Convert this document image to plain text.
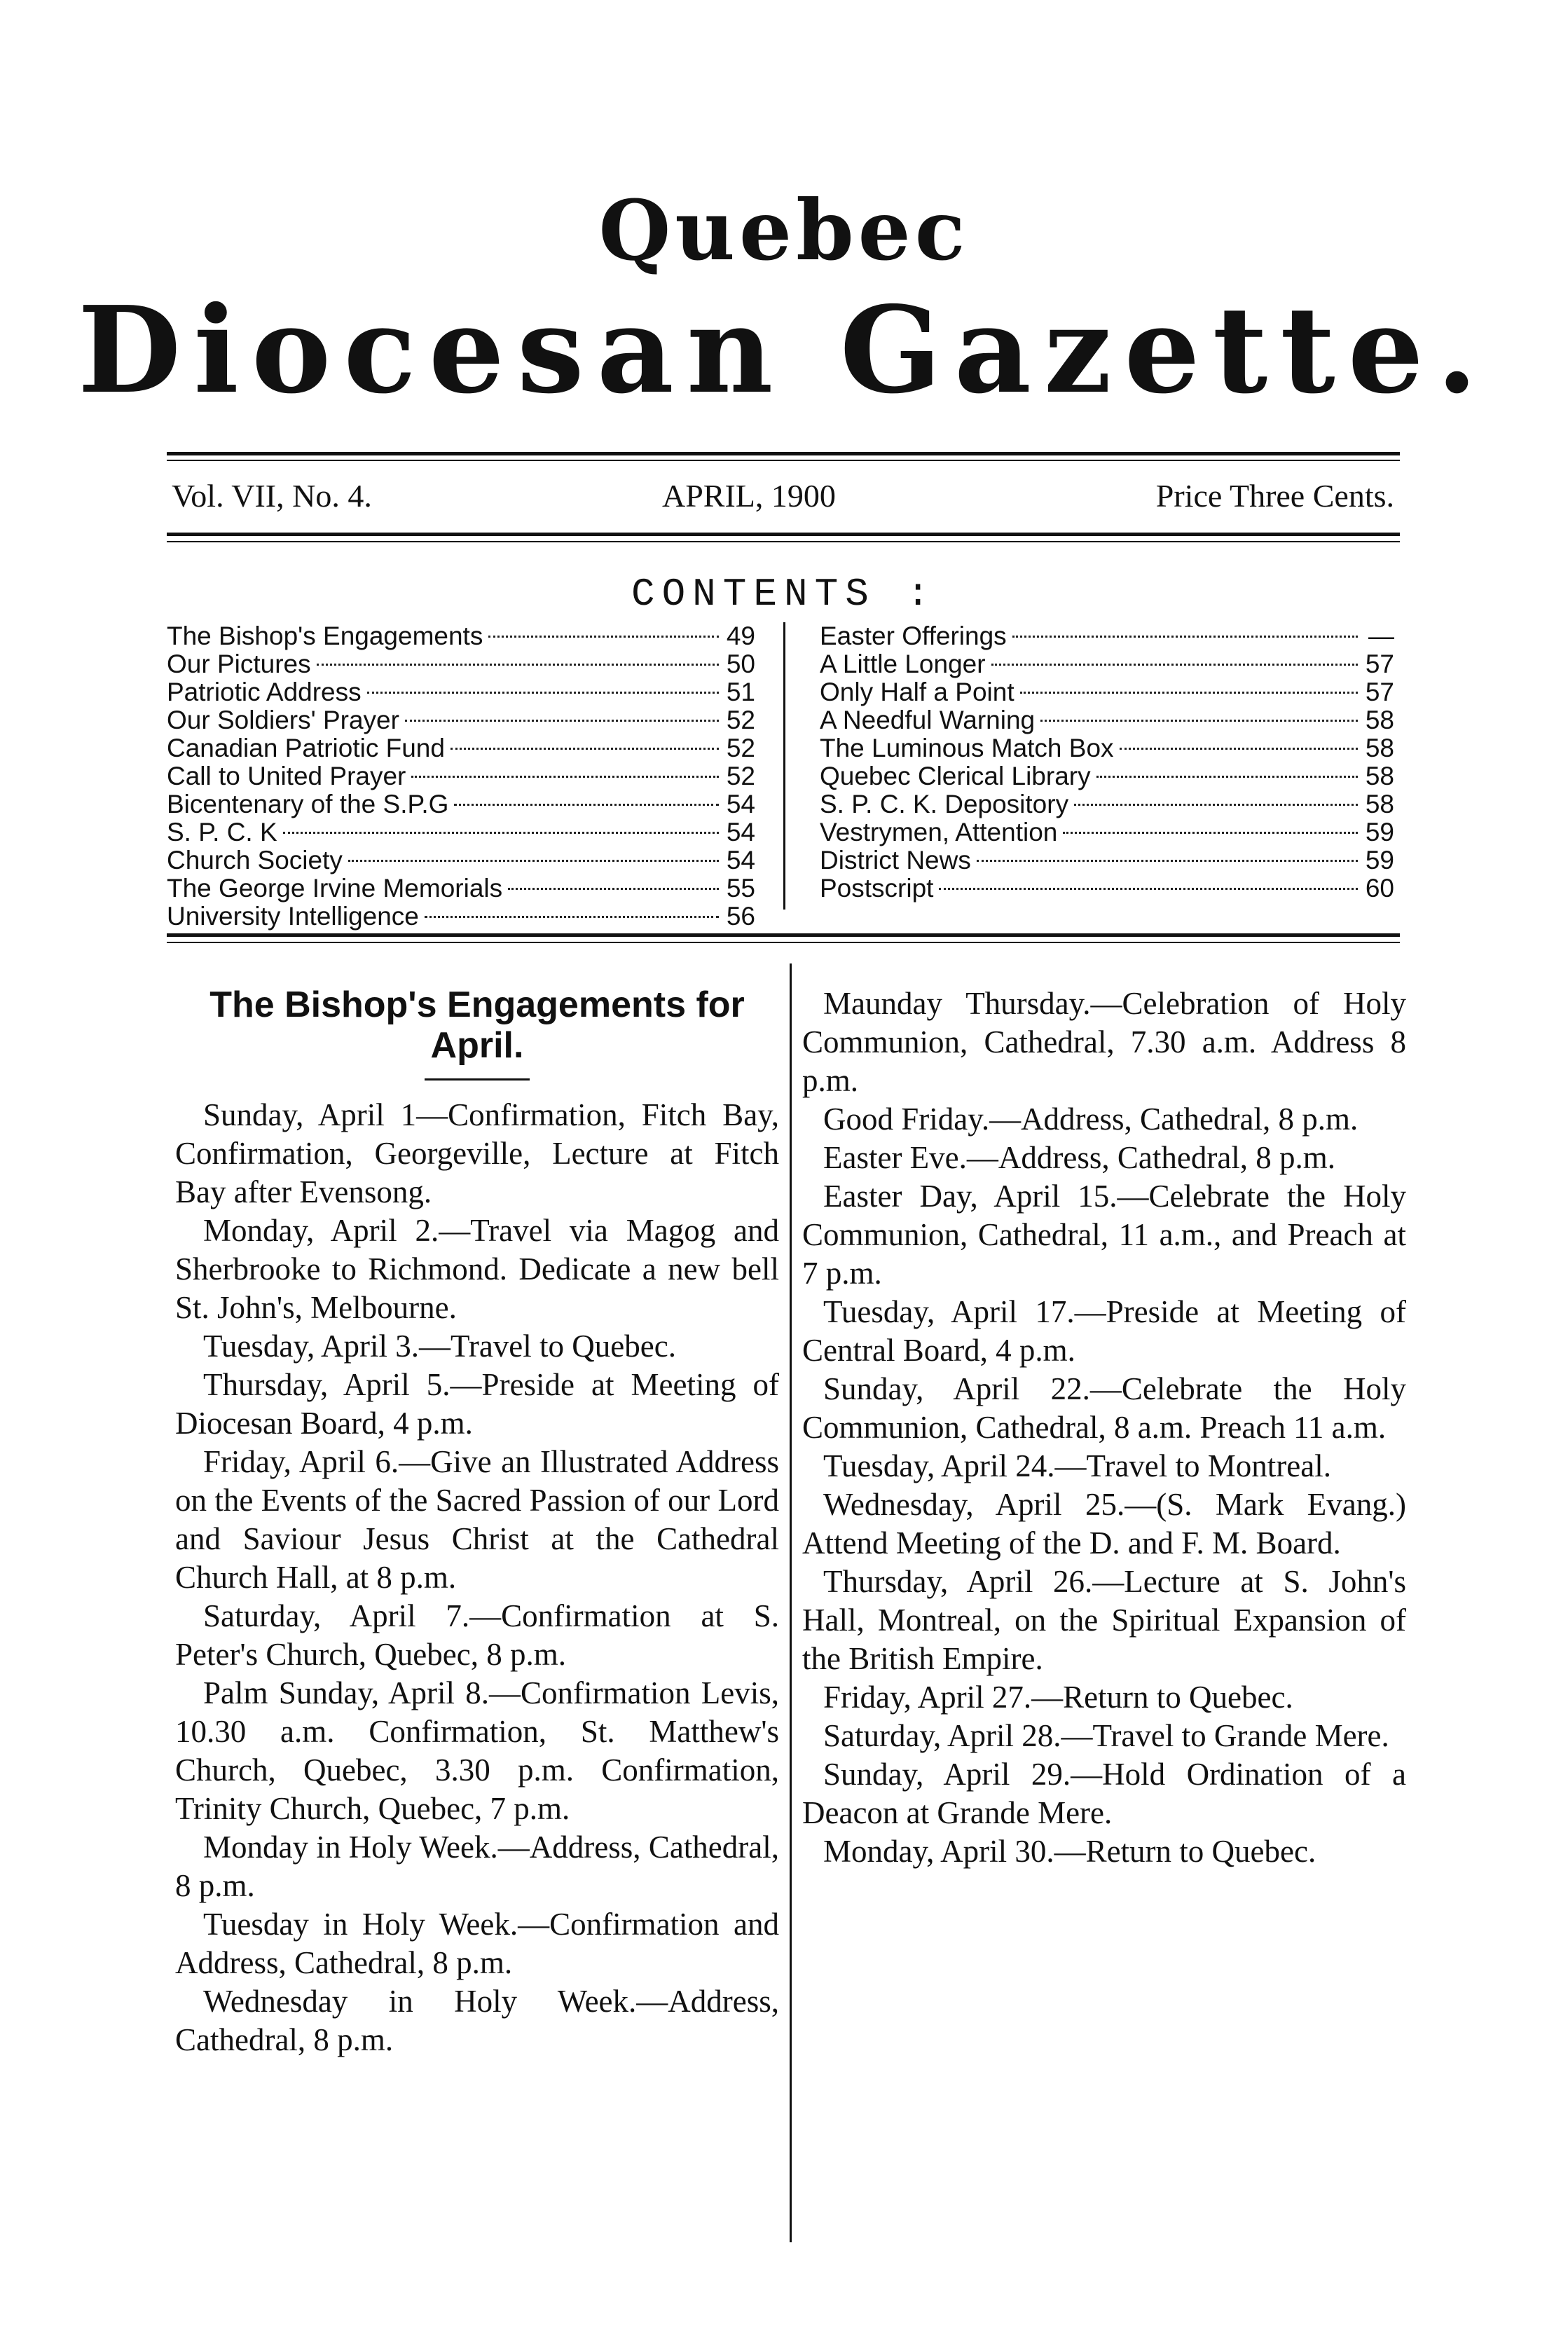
Quebec
Diocesan Gazette.
Vol. VII, No. 4.	APRIL, 1900	Price Three Cents.
CONTENTS :
The Bishop's Engagements	49
Our Pictures	50
Patriotic Address	51
Our Soldiers' Prayer	52
Canadian Patriotic Fund	52
Call to United Prayer	52
Bicentenary of the S.P.G	54
S. P. C. K	54
Church Society	54
The George Irvine Memorials	55
University Intelligence	56
Easter Offerings	—
A Little Longer	57
Only Half a Point	57
A Needful Warning	58
The Luminous Match Box	58
Quebec Clerical Library	58
S. P. C. K. Depository	58
Vestrymen, Attention	59
District News	59
Postscript	60
The Bishop's Engagements for April.

Sunday, April 1—Confirmation, Fitch Bay, Confirmation, Georgeville, Lecture at Fitch Bay after Evensong.

Monday, April 2.—Travel via Magog and Sherbrooke to Richmond. Dedicate a new bell St. John's, Melbourne.

Tuesday, April 3.—Travel to Quebec.

Thursday, April 5.—Preside at Meeting of Diocesan Board, 4 p.m.

Friday, April 6.—Give an Illustrated Address on the Events of the Sacred Passion of our Lord and Saviour Jesus Christ at the Cathedral Church Hall, at 8 p.m.

Saturday, April 7.—Confirmation at S. Peter's Church, Quebec, 8 p.m.

Palm Sunday, April 8.—Confirmation Levis, 10.30 a.m. Confirmation, St. Matthew's Church, Quebec, 3.30 p.m. Confirmation, Trinity Church, Quebec, 7 p.m.

Monday in Holy Week.—Address, Cathedral, 8 p.m.

Tuesday in Holy Week.—Confirmation and Address, Cathedral, 8 p.m.

Wednesday in Holy Week.—Address, Cathedral, 8 p.m.

Maunday Thursday.—Celebration of Holy Communion, Cathedral, 7.30 a.m. Address 8 p.m.

Good Friday.—Address, Cathedral, 8 p.m.

Easter Eve.—Address, Cathedral, 8 p.m.

Easter Day, April 15.—Celebrate the Holy Communion, Cathedral, 11 a.m., and Preach at 7 p.m.

Tuesday, April 17.—Preside at Meeting of Central Board, 4 p.m.

Sunday, April 22.—Celebrate the Holy Communion, Cathedral, 8 a.m. Preach 11 a.m.

Tuesday, April 24.—Travel to Montreal.

Wednesday, April 25.—(S. Mark Evang.) Attend Meeting of the D. and F. M. Board.

Thursday, April 26.—Lecture at S. John's Hall, Montreal, on the Spiritual Expansion of the British Empire.

Friday, April 27.—Return to Quebec.

Saturday, April 28.—Travel to Grande Mere.

Sunday, April 29.—Hold Ordination of a Deacon at Grande Mere.

Monday, April 30.—Return to Quebec.
